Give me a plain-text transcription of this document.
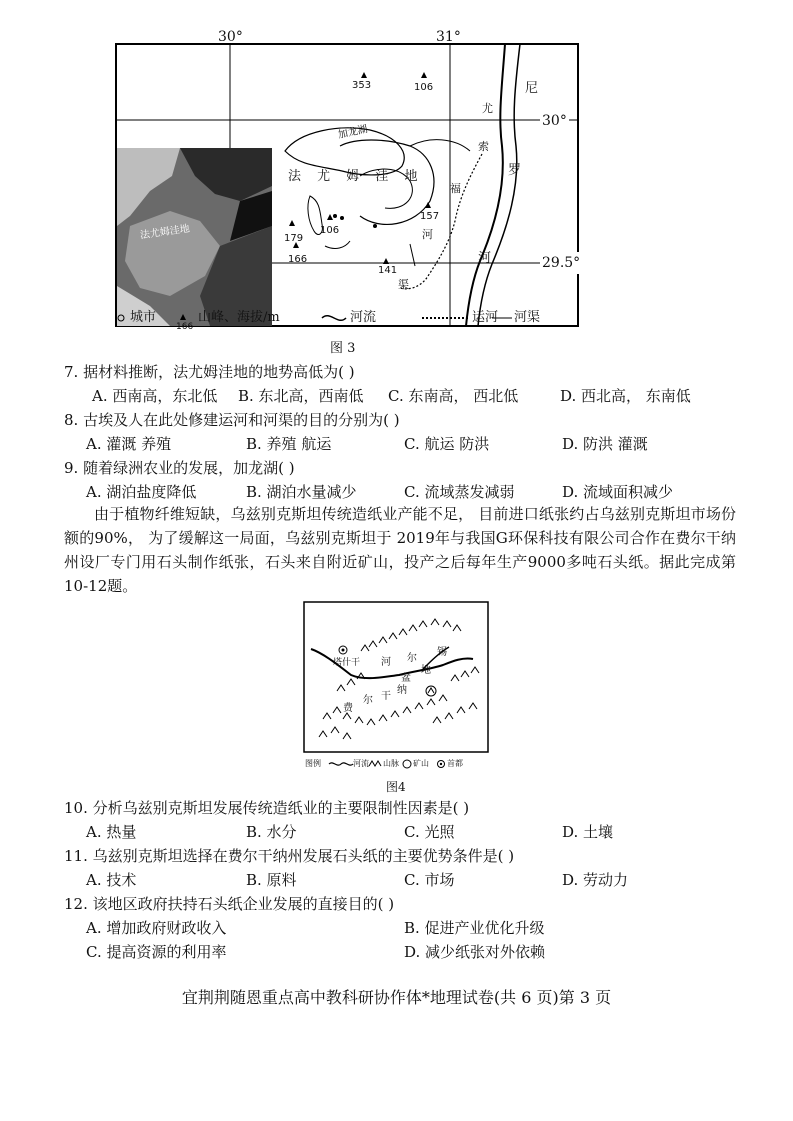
30°	31°
30°
29.5°
尼
尤
罗
河
法 尤 姆 洼 地
加龙湖
索
福
河
渠
353	106
157
106
179
166
141
法尤姆洼地
城市
166
山峰、海拔/m	河流	运河 河渠
图 3
7. 据材料推断，法尤姆洼地的地势高低为( )
A. 西南高，东北低 B. 东北高，西南低 C. 东南高， 西北低	D. 西北高， 东南低
8. 古埃及人在此处修建运河和河渠的目的分别为( )
A. 灌溉 养殖	B. 养殖 航运	C. 航运 防洪	D. 防洪 灌溉
9. 随着绿洲农业的发展，加龙湖( )
A. 湖泊盐度降低	B. 湖泊水量减少	C. 流域蒸发减弱	D. 流域面积减少
由于植物纤维短缺，乌兹别克斯坦传统造纸业产能不足， 目前进口纸张约占乌兹别克斯坦市场份额的90%， 为了缓解这一局面，乌兹别克斯坦于 2019年与我国G环保科技有限公司合作在费尔干纳州设厂专门用石头制作纸张，石头来自附近矿山，投产之后每年生产9000多吨石头纸。据此完成第10-12题。
塔什干 河 尔
锡
盆
地
费
尔 干
纳
图例	河流 山脉 矿山 首都
图4
10. 分析乌兹别克斯坦发展传统造纸业的主要限制性因素是( )
A. 热量	B. 水分	C. 光照	D. 土壤
11. 乌兹别克斯坦选择在费尔干纳州发展石头纸的主要优势条件是( )
A. 技术	B. 原料	C. 市场	D. 劳动力
12. 该地区政府扶持石头纸企业发展的直接目的( )
A. 增加政府财政收入	B. 促进产业优化升级
C. 提高资源的利用率	D. 减少纸张对外依赖
宜荆荆随恩重点高中教科研协作体*地理试卷(共 6 页)第 3 页
